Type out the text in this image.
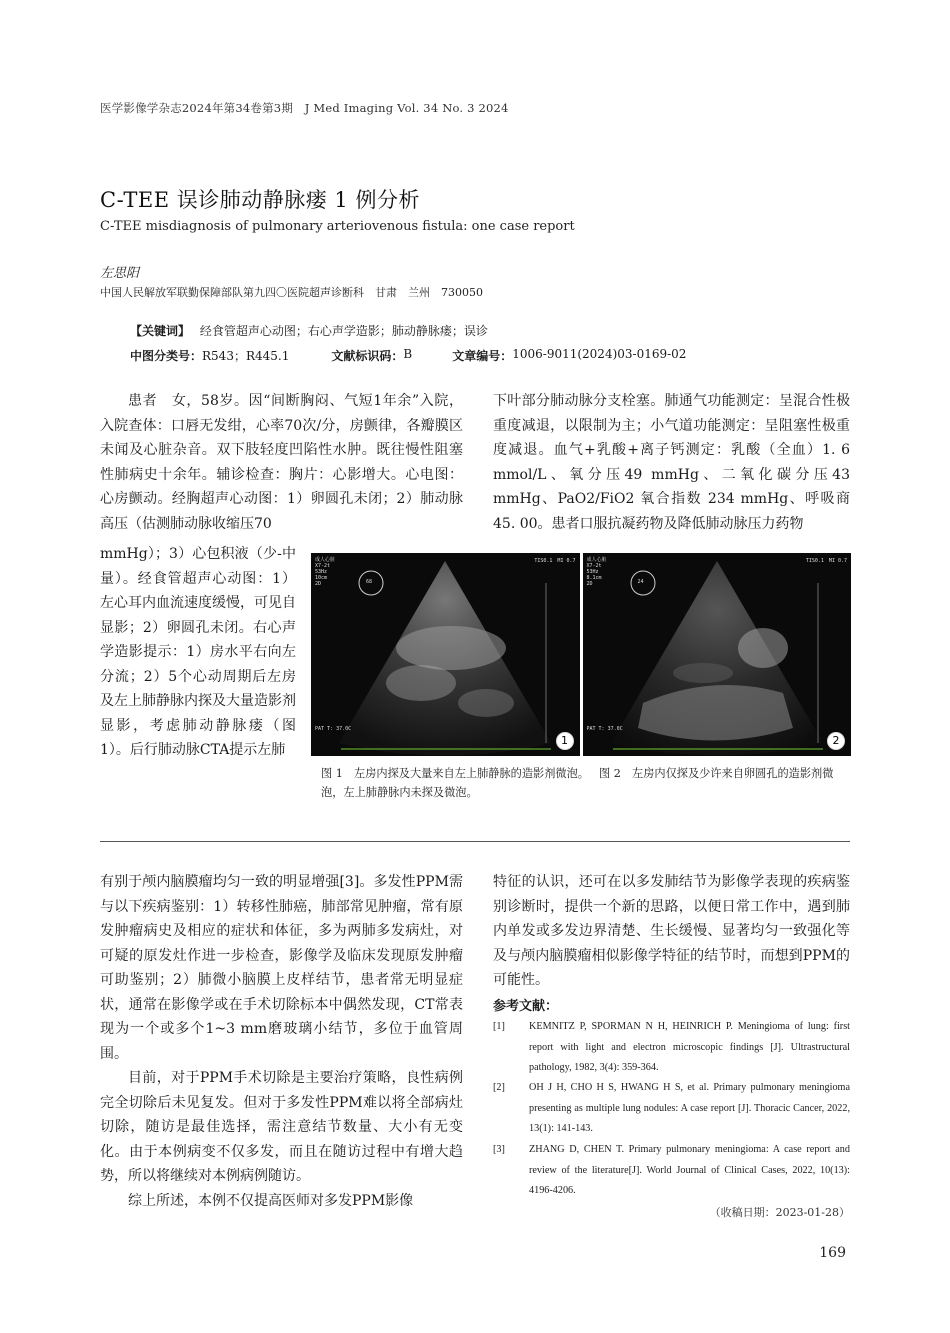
医学影像学杂志2024年第34卷第3期　J Med Imaging Vol. 34 No. 3 2024
C-TEE 误诊肺动静脉瘘 1 例分析
C-TEE misdiagnosis of pulmonary arteriovenous fistula: one case report
左思阳
中国人民解放军联勤保障部队第九四〇医院超声诊断科　甘肃　兰州　730050
【关键词】 经食管超声心动图；右心声学造影；肺动静脉瘘；误诊
中图分类号： R543；R445.1	文献标识码： B	文章编号： 1006-9011(2024)03-0169-02

患者　女，58岁。因“间断胸闷、气短1年余”入院，入院查体：口唇无发绀，心率70次/分，房颤律，各瓣膜区未闻及心脏杂音。双下肢轻度凹陷性水肿。既往慢性阻塞性肺病史十余年。辅诊检查：胸片：心影增大。心电图：心房颤动。经胸超声心动图：1）卵圆孔未闭；2）肺动脉高压（估测肺动脉收缩压70

mmHg）；3）心包积液（少-中量）。经食管超声心动图：1）左心耳内血流速度缓慢，可见自显影；2）卵圆孔未闭。右心声学造影提示：1）房水平右向左分流；2）5个心动周期后左房及左上肺静脉内探及大量造影剂显影，考虑肺动静脉瘘（图1）。后行肺动脉CTA提示左肺

下叶部分肺动脉分支栓塞。肺通气功能测定：呈混合性极重度减退，以限制为主；小气道功能测定：呈阻塞性极重度减退。血气+乳酸+离子钙测定：乳酸（全血）1. 6 mmol/L、氧分压49 mmHg、二氧化碳分压43 mmHg、PaO2/FiO2 氧合指数 234 mmHg、呼吸商45. 00。患者口服抗凝药物及降低肺动脉压力药物

成人心脏
X7-2t
53Hz
10cm
2D	68
TIS0.1　MI 0.7
PAT T: 37.0C
1
成人心脏
X7-2t
53Hz
8.1cm
2D	24
TIS0.1　MI 0.7
PAT T: 37.0C
2
图 1　左房内探及大量来自左上肺静脉的造影剂微泡。 图 2　左房内仅探及少许来自卵圆孔的造影剂微泡，左上肺静脉内未探及微泡。

有别于颅内脑膜瘤均匀一致的明显增强[3]。多发性PPM需与以下疾病鉴别：1）转移性肺癌，肺部常见肿瘤，常有原发肿瘤病史及相应的症状和体征，多为两肺多发病灶，对可疑的原发灶作进一步检查，影像学及临床发现原发肿瘤可助鉴别；2）肺微小脑膜上皮样结节，患者常无明显症状，通常在影像学或在手术切除标本中偶然发现，CT常表现为一个或多个1~3 mm磨玻璃小结节，多位于血管周围。

目前，对于PPM手术切除是主要治疗策略，良性病例完全切除后未见复发。但对于多发性PPM难以将全部病灶切除，随访是最佳选择，需注意结节数量、大小有无变化。由于本例病变不仅多发，而且在随访过程中有增大趋势，所以将继续对本例病例随访。

综上所述，本例不仅提高医师对多发PPM影像

特征的认识，还可在以多发肺结节为影像学表现的疾病鉴别诊断时，提供一个新的思路，以便日常工作中，遇到肺内单发或多发边界清楚、生长缓慢、显著均匀一致强化等及与颅内脑膜瘤相似影像学特征的结节时，而想到PPM的可能性。

参考文献：
[1] KEMNITZ P, SPORMAN N H, HEINRICH P. Meningioma of lung: first report with light and electron microscopic findings [J]. Ultrastructural pathology, 1982, 3(4): 359-364.
[2] OH J H, CHO H S, HWANG H S, et al. Primary pulmonary meningioma presenting as multiple lung nodules: A case report [J]. Thoracic Cancer, 2022, 13(1): 141-143.
[3] ZHANG D, CHEN T. Primary pulmonary meningioma: A case report and review of the literature[J]. World Journal of Clinical Cases, 2022, 10(13): 4196-4206.
（收稿日期：2023-01-28）
169
